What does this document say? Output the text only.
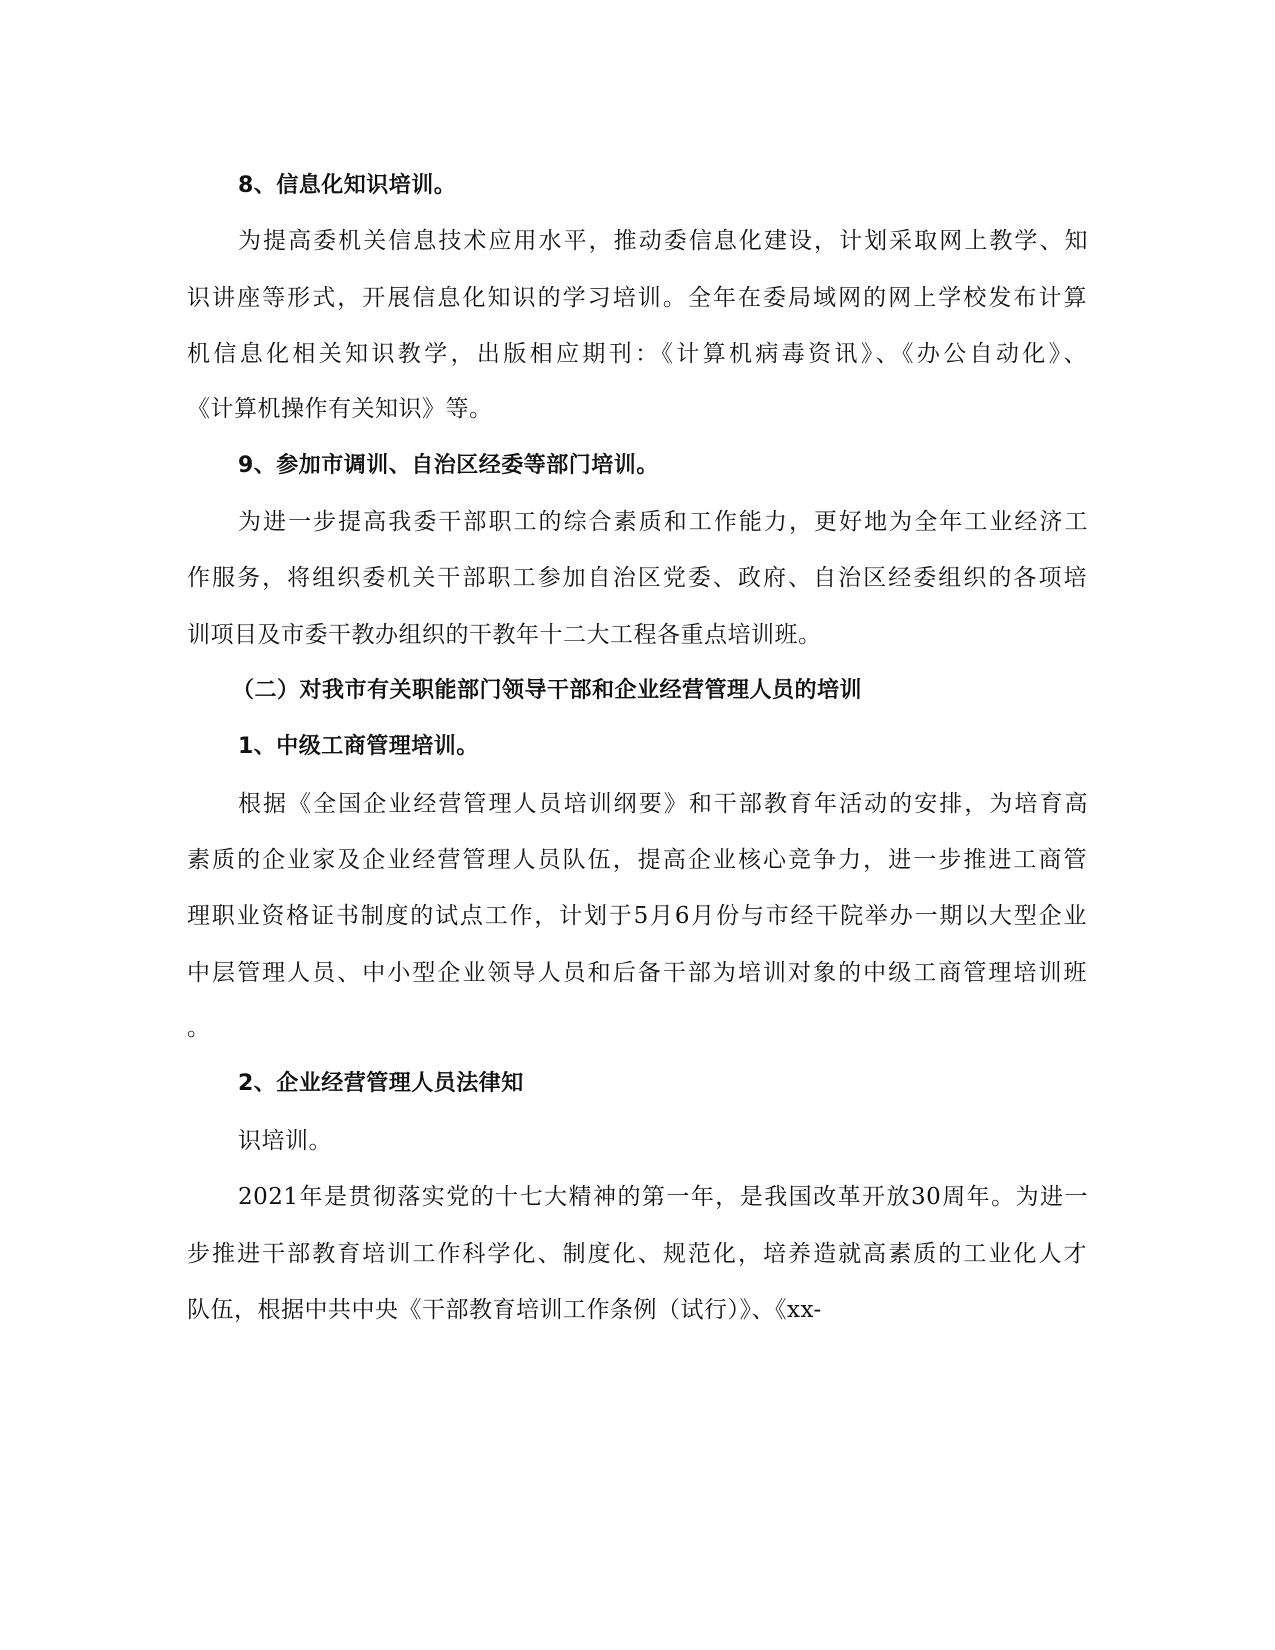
8、信息化知识培训。
为提高委机关信息技术应用水平，推动委信息化建设，计划采取网上教学、知
识讲座等形式，开展信息化知识的学习培训。全年在委局域网的网上学校发布计算
机信息化相关知识教学，出版相应期刊：《计算机病毒资讯》、《办公自动化》、
《计算机操作有关知识》等。
9、参加市调训、自治区经委等部门培训。
为进一步提高我委干部职工的综合素质和工作能力，更好地为全年工业经济工
作服务，将组织委机关干部职工参加自治区党委、政府、自治区经委组织的各项培
训项目及市委干教办组织的干教年十二大工程各重点培训班。
（二）对我市有关职能部门领导干部和企业经营管理人员的培训
1、中级工商管理培训。
根据《全国企业经营管理人员培训纲要》和干部教育年活动的安排，为培育高
素质的企业家及企业经营管理人员队伍，提高企业核心竞争力，进一步推进工商管
理职业资格证书制度的试点工作，计划于5月6月份与市经干院举办一期以大型企业
中层管理人员、中小型企业领导人员和后备干部为培训对象的中级工商管理培训班
。
2、企业经营管理人员法律知
识培训。
2021年是贯彻落实党的十七大精神的第一年，是我国改革开放30周年。为进一
步推进干部教育培训工作科学化、制度化、规范化，培养造就高素质的工业化人才
队伍，根据中共中央《干部教育培训工作条例（试行）》、《xx-
